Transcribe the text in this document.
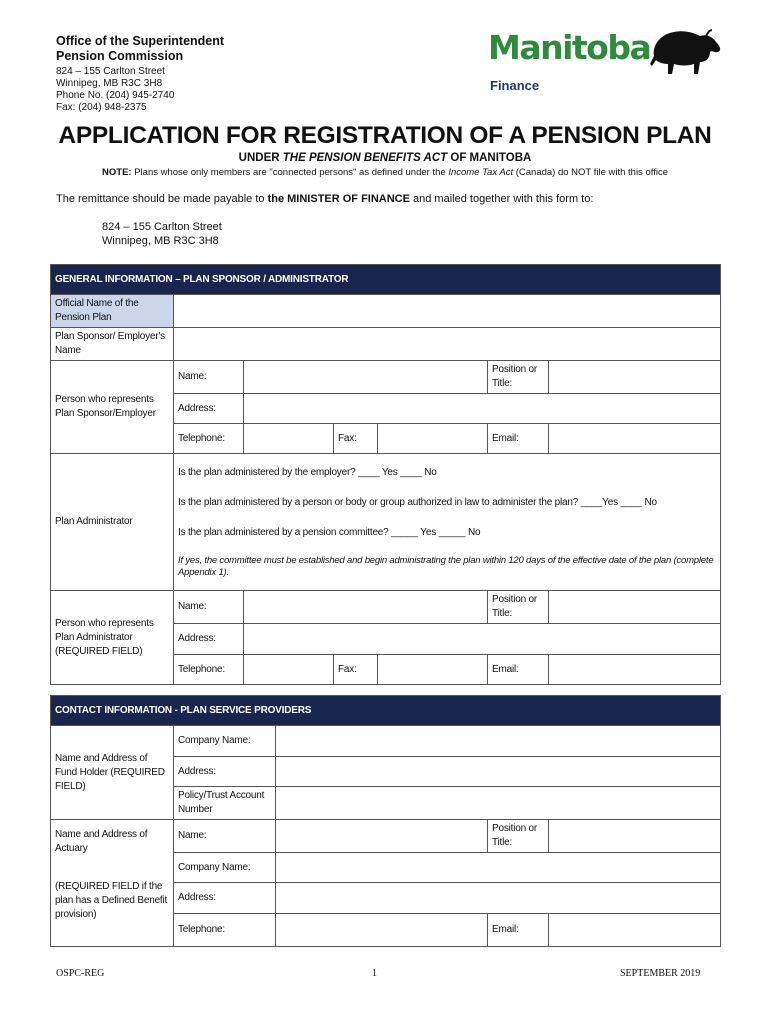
Office of the Superintendent
Pension Commission
824 – 155 Carlton Street
Winnipeg, MB R3C 3H8
Phone No. (204) 945-2740
Fax: (204) 948-2375
Manitoba
Finance
APPLICATION FOR REGISTRATION OF A PENSION PLAN
UNDER THE PENSION BENEFITS ACT OF MANITOBA
NOTE: Plans whose only members are "connected persons" as defined under the Income Tax Act (Canada) do NOT file with this office
The remittance should be made payable to the MINISTER OF FINANCE and mailed together with this form to:
824 – 155 Carlton Street
Winnipeg, MB R3C 3H8
GENERAL INFORMATION – PLAN SPONSOR / ADMINISTRATOR						
Official Name of the Pension Plan						
Plan Sponsor/ Employer's Name						
Person who represents Plan Sponsor/Employer	Name:				Position or Title:	
	Address:					
	Telephone:		Fax:		Email:	
Plan Administrator	Is the plan administered by the employer? ____ Yes ____ No
Is the plan administered by a person or body or group authorized in law to administer the plan? ____Yes ____ No
Is the plan administered by a pension committee? _____ Yes _____ No
If yes, the committee must be established and begin administrating the plan within 120 days of the effective date of the plan (complete Appendix 1).					

Person who represents
Plan Administrator
(REQUIRED FIELD)	Name:				Position or Title:	
	Address:					
	Telephone:		Fax:		Email:	
CONTACT INFORMATION - PLAN SERVICE PROVIDERS				
Name and Address of Fund Holder (REQUIRED FIELD)	Company Name:			
	Address:			
	Policy/Trust Account Number			

Name and Address of Actuary
(REQUIRED FIELD if the plan has a Defined Benefit provision)	Name:		Position or Title:	
	Company Name:			
	Address:			
	Telephone:		Email:	
OSPC-REG	1	SEPTEMBER 2019
